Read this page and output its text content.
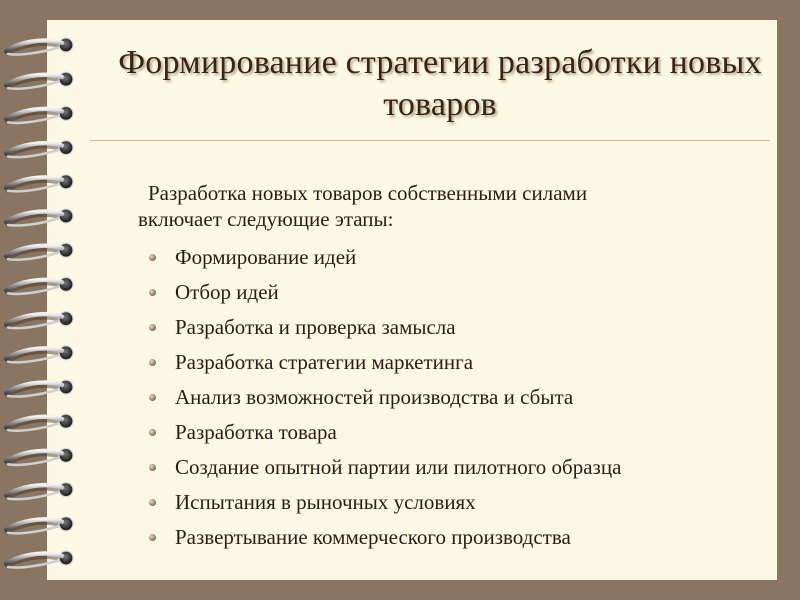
Формирование стратегии разработки новых товаров
Разработка новых товаров собственными силами
включает следующие этапы:
Формирование идей
Отбор идей
Разработка и проверка замысла
Разработка стратегии маркетинга
Анализ возможностей производства и сбыта
Разработка товара
Создание опытной партии или пилотного образца
Испытания в рыночных условиях
Развертывание коммерческого производства
